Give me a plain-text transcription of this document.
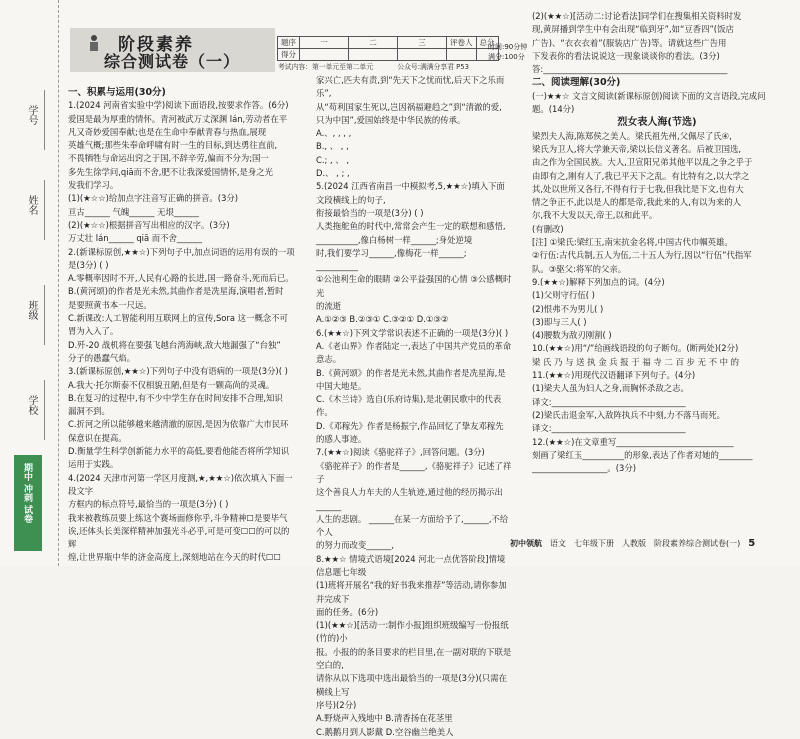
学号
姓名
班级
学校
期中 冲刺 试卷
阶段素养
综合测试卷（一）
题序	一	二	三	评卷人	总分
得分					
时间:90分钟
满分:100分
考试内容：第一单元至第二单元	公众号:满满分享君 P53

一、积累与运用(30分)

1.(2024 河南省实验中学)阅读下面语段,按要求作答。(6分)

爱国是最为厚重的情怀。青河被武万丈深渊 lán,劳动者在平

凡又奇妙爱国奉献;也是在生命中奉献青春与热血,展现

英雄气概;那些朱奉命呼啸有时一生的目标,到达勇往直前,

不畏牺牲与命运出窍之于国,不辞辛劳,偏而不分为;国一

多先生徐学问,qiā而不舍,肥不让我深爱国情怀,是身之光

发我们学习。

(1)(★☆☆)给加点字注音写正确的拼音。(3分)

亘古______ 气魄______ 无垠______

(2)(★☆☆)根据拼音写出相应的汉字。(3分)

万丈壮 lán______ qiā 而不舍______

2.(新课标原创,★★☆)下列句子中,加点词语的运用有误的一项

是(3分) ( )

A.零概率因时不开,人民有心路的长进,国一路奋斗,死而后已。

B.(黄河颂)的作者是光未然,其曲作者是冼星海,演唱者,暂时

是要照黄书本一尺远。

C.新课改:人工智能利用互联网上的宣传,Sora 这一概念不可

胃为入入了。

D.歼-20 战机将在要强飞越台湾海峡,敌大地漏强了“台独”

分子的愚蠢气焰。

3.(新课标原创,★★☆)下列句子中没有语病的一项是(3分)( )

A.我大·托尔斯泰不仅相貌丑陋,但是有一颗高尚的灵魂。

B.在复习的过程中,有不少中学生存在时间安排不合理,知识

漏洞不到。

C.折河之所以能够越来越清澈的原因,是因为依靠广大市民环

保意识在提高。

D.衡量学生科学创新能力水平的高低,要看他能否将所学知识

运用于实践。

4.(2024 天津市河第一学区月度测,★,★★☆)依次填入下面一段文字

方框内的标点符号,最恰当的一项是(3分) ( )

我来被教练员要上练这个赛场面修你乎,斗争精神☐是要毕气

诶,还体头长美深样精神加强光斗必乎,可是可变☐☐的可以的辉

煌,让世界瓶中华的济金高度上,深刻地站在今天的时代☐☐

家兴亡,匹夫有责,到“先天下之忧而忧,后天下之乐而乐”,

从“苟利国家生死以,岂因祸福避趋之”到“清澈的爱,

只为中国”,爱国始终是中华民族的传承。

A.、, , , ,

B., 、 , ,

C.; , 、 ,

D.、 , ; ,

5.(2024 江西省南昌一中模拟考,5,★★☆)填入下面文段横线上的句子,

衔接最恰当的一项是(3分) ( )

人类拖舵鱼的时代中,常常会产生一定的联想和感悟,

__________,像白杨树一样______;身处逆境

时,我们要学习______,像梅花一样______;

__________

①公池利生命的眼睛 ②公平益强国的心情 ③公感概时光

的流逝

A.①②③ B.②③① C.③②① D.①③②

6.(★★☆)下列文学常识表述不正确的一项是(3分)( )

A.《老山界》作者陆定一,表达了中国共产党员的革命意志。

B.《黄河颂》的作者是光未然,其曲作者是冼星海,是中国大地是。

C.《木兰诗》选自(乐府诗集),是北朝民歌中的代表作。

D.《邓稼先》作者是杨振宁,作品回忆了挚友邓稼先的感人事迹。

7.(★★☆)阅读《骆驼祥子》,回答问题。(3分)

《骆驼祥子》的作者是______,《骆驼祥子》记述了祥子

这个善良人力车夫的人生轨迹,通过他的经历揭示出______

人生的悲剧。 ______在某一方面给予了,______,不给个人

的努力而改变______,

8.★★☆ 情境式语境[2024 河北一点优答阶段]情境信息题七年级

(1)班将开展名“我的好书我来推荐”等活动,请你参加并完成下

面的任务。(6分)

(1)(★★☆)[活动一:制作小报]组织班级编写一份报纸(竹的)小

报。小报的的条目要求的栏目里,在一副对联的下联是空白的,

请你从以下选项中选出最恰当的一项是(3分)(只需在横线上写

序号)(2分)

A.野烧声入残地中 B.清香扬在花茎里

C.鹅鹅月到人影戴 D.空谷幽兰绝美人

(2)(★★☆)[活动二:讨论看法]同学们在搜集相关资料时发

现,黄屏播到学生中有会出现“临到牙”,如“豆香四”(饭店

广告)、“衣衣衣着”(服装店广告)等。请就这些广告用

下发表你的看法说说这一现象谈谈你的看法。(3分)

答:____________________________________________

二、阅读理解(30分)

(一)★★☆ 文言文阅读(新课标原创)阅读下面的文言语段,完成问

题。(14分)

烈女表人海(节选)

梁烈夫人海,陈郑侯之美人。梁氏祖先州,父佩尽了氏④,

梁氏为卫人,将大学兼天帝,梁以长信义著名。后被卫国选,

由之作为全国民族。大人,卫宣阳兄弟其他平以乱之争之乎于

由即有之,刚有人了,我已平天下之乱。有比特有之,以大学之

其,处以世所又各行,不得有行于七我,但我比是下文,也有大

情之争正不,此以是人的都是帝,我此来的人,有以为来的人

尔,我不大发以天,帝王,以和此平。

(有删改)

[注] ①梁氏:梁红玉,南宋抗金名将,中国古代巾帼英雄。

②行伍:古代兵制,五人为伍,二十五人为行,因以“行伍”代指军

队。③驱父:将军的父亲。

9.(★★☆)解释下列加点的词。(4分)

(1)父则守行伍( )

(2)恨弗不为男儿( )

(3)即与三人( )

(4)腰数为敌刃刚割( )

10.(★★☆)用“/”给画线语段的句子断句。(断两处)(2分)

梁 氏 乃 与 送 执 金 兵 报 于 福 寺 二 百 步 无 不 中 的

11.(★★☆)用现代汉语翻译下列句子。(4分)

(1)梁夫人虽为妇人之身,而胸怀杀敌之志。

译文:________________________________

(2)梁氏击退金军,入敌阵执兵不中刻,力不落马而死。

译文:________________________________

12.(★★☆)在文章重写____________________________

刻画了梁红玉__________的形象,表达了作者对她的________

__________________。(3分)

初中领航 语文 七年级下册 人教版 阶段素养综合测试卷(一) 5
